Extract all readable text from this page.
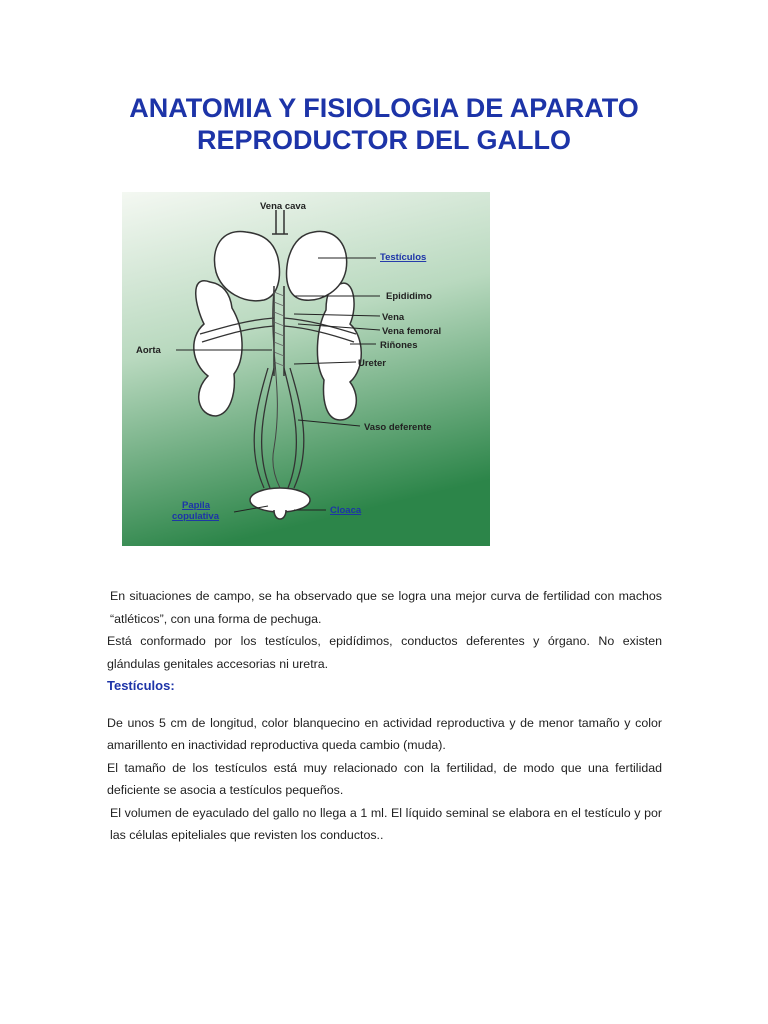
ANATOMIA Y FISIOLOGIA DE APARATO
REPRODUCTOR DEL GALLO
Vena cava
Testículos
Epididimo
Vena
Vena femoral
Riñones
Ureter
Aorta
Vaso deferente
Papila
copulativa
Cloaca

En situaciones de campo, se ha observado que se logra una mejor curva de fertilidad con machos “atléticos”, con una forma de pechuga.

Está conformado por los testículos, epidídimos, conductos deferentes y órgano. No existen glándulas genitales accesorias ni uretra.

Testículos:

De unos 5 cm de longitud, color blanquecino en actividad reproductiva y de menor tamaño y color amarillento en inactividad reproductiva queda cambio (muda).

El tamaño de los testículos está muy relacionado con la fertilidad, de modo que una fertilidad deficiente se asocia a testículos pequeños.

El volumen de eyaculado del gallo no llega a 1 ml. El líquido seminal se elabora en el testículo y por las células epiteliales que revisten los conductos..
